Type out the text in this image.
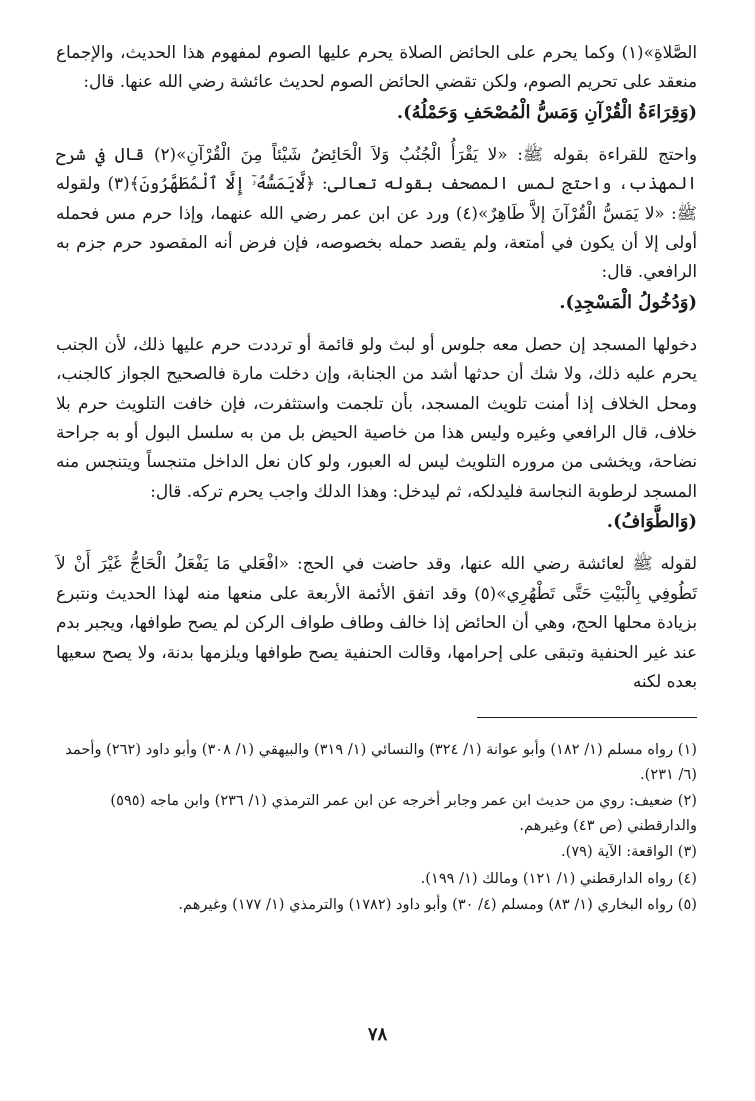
الصَّلاةِ»(١) وكما يحرم على الحائض الصلاة يحرم عليها الصوم لمفهوم هذا الحديث، والإجماع منعقد على تحريم الصوم، ولكن تقضي الحائض الصوم لحديث عائشة رضي الله عنها. قال:

(وَقِرَاءَةُ الْقُرْآنِ وَمَسُّ الْمُصْحَفِ وَحَمْلُهُ).

واحتج للقراءة بقوله ﷺ: «لا يَقْرَأُ الْجُنُبُ وَلاَ الْحَائِضُ شَيْئاً مِنَ الْقُرْآنِ»(٢) قال في شرح المهذب، واحتج لمس المصحف بقوله تعالى: ﴿لَّايَمَسُّهُۥٓ إِلَّا ٱلْمُطَهَّرُونَ﴾(٣) ولقوله ﷺ: «لا يَمَسُّ الْقُرْآنَ إلاَّ طَاهِرٌ»(٤) ورد عن ابن عمر رضي الله عنهما، وإذا حرم مس فحمله أولى إلا أن يكون في أمتعة، ولم يقصد حمله بخصوصه، فإن فرض أنه المقصود حرم جزم به الرافعي. قال:

(وَدُخُولُ الْمَسْجِدِ).

دخولها المسجد إن حصل معه جلوس أو لبث ولو قائمة أو ترددت حرم عليها ذلك، لأن الجنب يحرم عليه ذلك، ولا شك أن حدثها أشد من الجنابة، وإن دخلت مارة فالصحيح الجواز كالجنب، ومحل الخلاف إذا أمنت تلويث المسجد، بأن تلجمت واستثفرت، فإن خافت التلويث حرم بلا خلاف، قال الرافعي وغيره وليس هذا من خاصية الحيض بل من به سلسل البول أو به جراحة نضاحة، ويخشى من مروره التلويث ليس له العبور، ولو كان نعل الداخل متنجساً ويتنجس منه المسجد لرطوبة النجاسة فليدلكه، ثم ليدخل: وهذا الدلك واجب يحرم تركه. قال:

(وَالطَّوَافُ).

لقوله ﷺ لعائشة رضي الله عنها، وقد حاضت في الحج: «افْعَلي مَا يَفْعَلُ الْحَاجُّ غَيْرَ أَنْ لاَ تَطُوفِي بِالْبَيْتِ حَتَّى تَطْهُرِي»(٥) وقد اتفق الأئمة الأربعة على منعها منه لهذا الحديث ونتبرع بزيادة محلها الحج، وهي أن الحائض إذا خالف وطاف طواف الركن لم يصح طوافها، ويجبر بدم عند غير الحنفية وتبقى على إحرامها، وقالت الحنفية يصح طوافها ويلزمها بدنة، ولا يصح سعيها بعده لكنه

(١) رواه مسلم (١/ ١٨٢) وأبو عوانة (١/ ٣٢٤) والنسائي (١/ ٣١٩) والبيهقي (١/ ٣٠٨) وأبو داود (٢٦٢) وأحمد (٦/ ٢٣١).

(٢) ضعيف: روي من حديث ابن عمر وجابر أخرجه عن ابن عمر الترمذي (١/ ٢٣٦) وابن ماجه (٥٩٥) والدارقطني (ص ٤٣) وغيرهم.

(٣) الواقعة: الآية (٧٩).

(٤) رواه الدارقطني (١/ ١٢١) ومالك (١/ ١٩٩).

(٥) رواه البخاري (١/ ٨٣) ومسلم (٤/ ٣٠) وأبو داود (١٧٨٢) والترمذي (١/ ١٧٧) وغيرهم.

٧٨
